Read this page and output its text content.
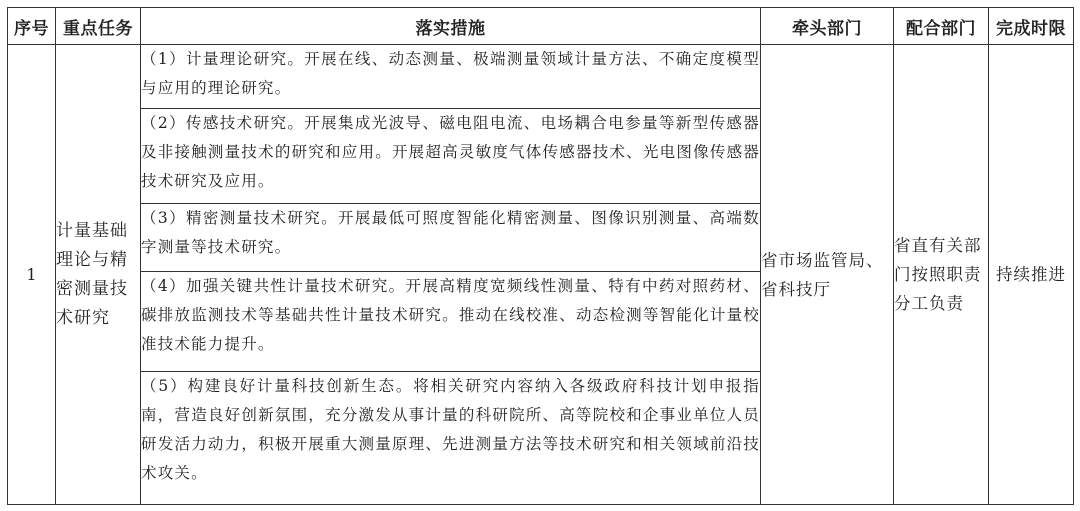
序号	重点任务	落实措施	牵头部门	配合部门	完成时限
1	计量基础理论与精密测量技术研究	（1）计量理论研究。开展在线、动态测量、极端测量领域计量方法、不确定度模型与应用的理论研究。	省市场监管局、省科技厅	省直有关部门按照职责分工负责	持续推进
		（2）传感技术研究。开展集成光波导、磁电阻电流、电场耦合电参量等新型传感器及非接触测量技术的研究和应用。开展超高灵敏度气体传感器技术、光电图像传感器技术研究及应用。			
		（3）精密测量技术研究。开展最低可照度智能化精密测量、图像识别测量、高端数字测量等技术研究。			
		（4）加强关键共性计量技术研究。开展高精度宽频线性测量、特有中药对照药材、碳排放监测技术等基础共性计量技术研究。推动在线校准、动态检测等智能化计量校准技术能力提升。			
		（5）构建良好计量科技创新生态。将相关研究内容纳入各级政府科技计划申报指南，营造良好创新氛围，充分激发从事计量的科研院所、高等院校和企事业单位人员研发活力动力，积极开展重大测量原理、先进测量方法等技术研究和相关领域前沿技术攻关。			
